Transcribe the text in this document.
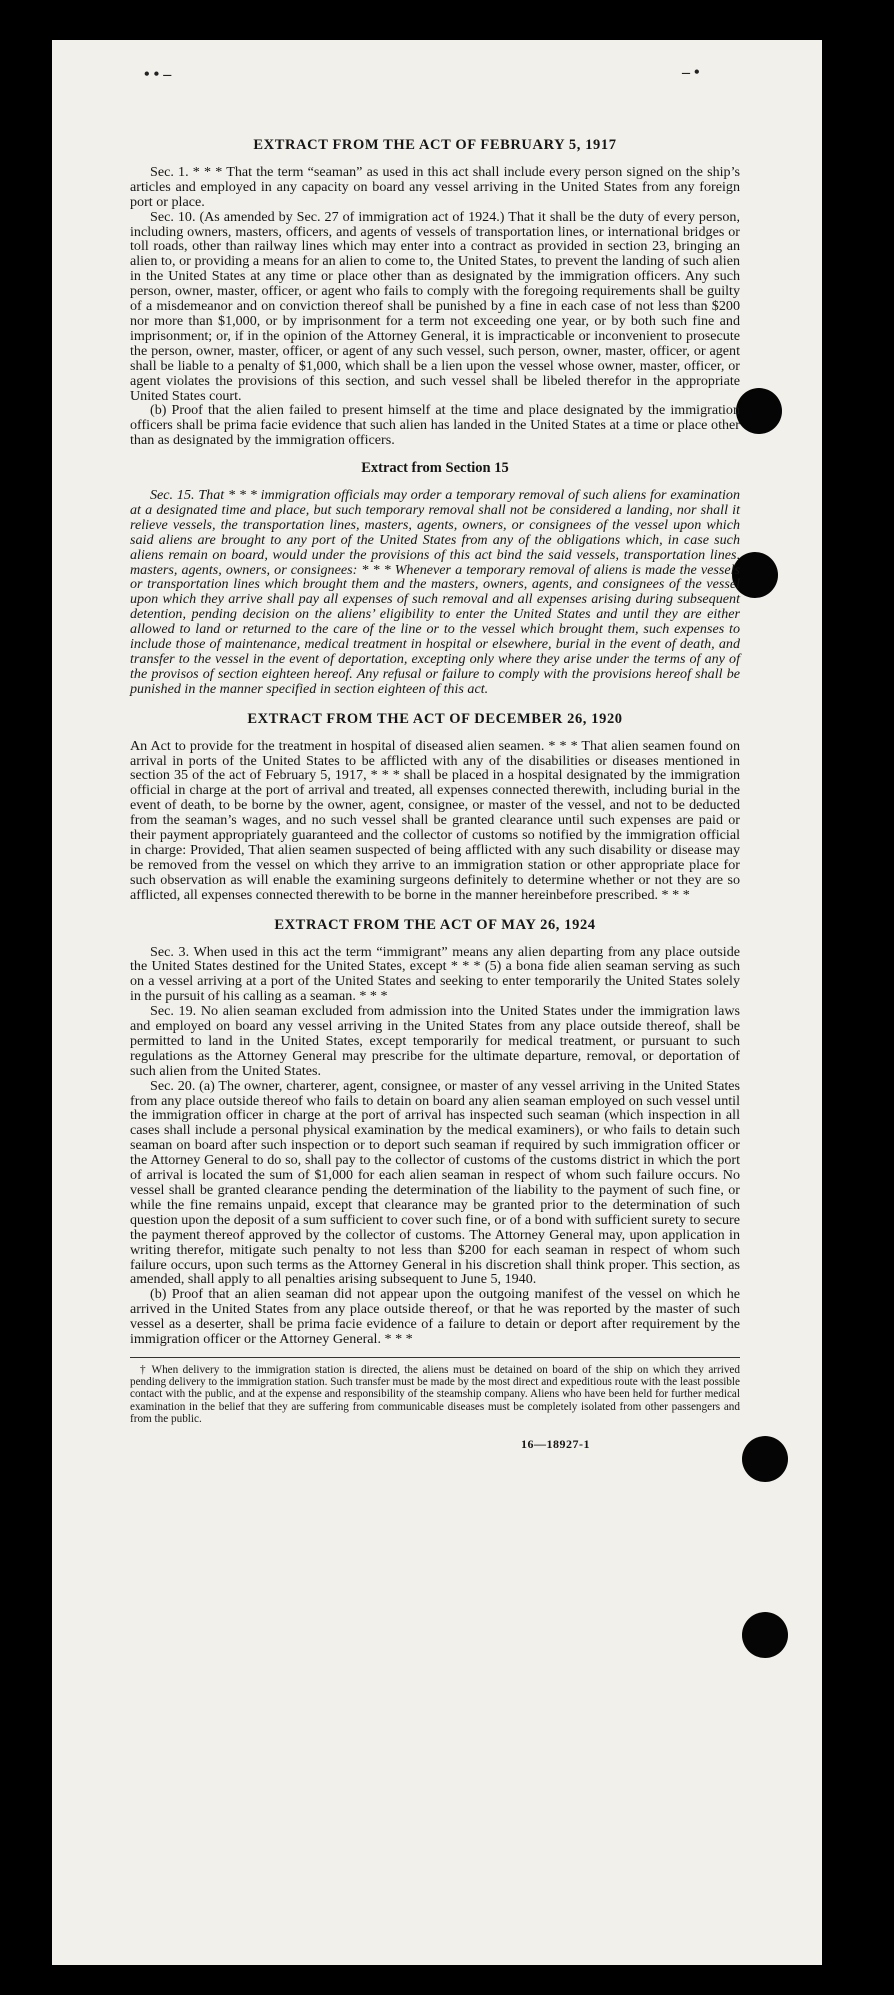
• • –	– •
EXTRACT FROM THE ACT OF FEBRUARY 5, 1917

Sec. 1. * * * That the term “seaman” as used in this act shall include every person signed on the ship’s articles and employed in any capacity on board any vessel arriving in the United States from any foreign port or place.

Sec. 10. (As amended by Sec. 27 of immigration act of 1924.) That it shall be the duty of every person, including owners, masters, officers, and agents of vessels of transportation lines, or international bridges or toll roads, other than railway lines which may enter into a contract as provided in section 23, bringing an alien to, or providing a means for an alien to come to, the United States, to prevent the landing of such alien in the United States at any time or place other than as designated by the immigration officers. Any such person, owner, master, officer, or agent who fails to comply with the foregoing requirements shall be guilty of a misdemeanor and on conviction thereof shall be punished by a fine in each case of not less than $200 nor more than $1,000, or by imprisonment for a term not exceeding one year, or by both such fine and imprisonment; or, if in the opinion of the Attorney General, it is impracticable or inconvenient to prosecute the person, owner, master, officer, or agent of any such vessel, such person, owner, master, officer, or agent shall be liable to a penalty of $1,000, which shall be a lien upon the vessel whose owner, master, officer, or agent violates the provisions of this section, and such vessel shall be libeled therefor in the appropriate United States court.

(b) Proof that the alien failed to present himself at the time and place designated by the immigration officers shall be prima facie evidence that such alien has landed in the United States at a time or place other than as designated by the immigration officers.

Extract from Section 15

Sec. 15. That * * * immigration officials may order a temporary removal of such aliens for examination at a designated time and place, but such temporary removal shall not be considered a landing, nor shall it relieve vessels, the transportation lines, masters, agents, owners, or consignees of the vessel upon which said aliens are brought to any port of the United States from any of the obligations which, in case such aliens remain on board, would under the provisions of this act bind the said vessels, transportation lines, masters, agents, owners, or consignees: * * * Whenever a temporary removal of aliens is made the vessels or transportation lines which brought them and the masters, owners, agents, and consignees of the vessel upon which they arrive shall pay all expenses of such removal and all expenses arising during subsequent detention, pending decision on the aliens’ eligibility to enter the United States and until they are either allowed to land or returned to the care of the line or to the vessel which brought them, such expenses to include those of maintenance, medical treatment in hospital or elsewhere, burial in the event of death, and transfer to the vessel in the event of deportation, excepting only where they arise under the terms of any of the provisos of section eighteen hereof. Any refusal or failure to comply with the provisions hereof shall be punished in the manner specified in section eighteen of this act.

EXTRACT FROM THE ACT OF DECEMBER 26, 1920

An Act to provide for the treatment in hospital of diseased alien seamen. * * * That alien seamen found on arrival in ports of the United States to be afflicted with any of the disabilities or diseases mentioned in section 35 of the act of February 5, 1917, * * * shall be placed in a hospital designated by the immigration official in charge at the port of arrival and treated, all expenses connected therewith, including burial in the event of death, to be borne by the owner, agent, consignee, or master of the vessel, and not to be deducted from the seaman’s wages, and no such vessel shall be granted clearance until such expenses are paid or their payment appropriately guaranteed and the collector of customs so notified by the immigration official in charge: Provided, That alien seamen suspected of being afflicted with any such disability or disease may be removed from the vessel on which they arrive to an immigration station or other appropriate place for such observation as will enable the examining surgeons definitely to determine whether or not they are so afflicted, all expenses connected therewith to be borne in the manner hereinbefore prescribed. * * *

EXTRACT FROM THE ACT OF MAY 26, 1924

Sec. 3. When used in this act the term “immigrant” means any alien departing from any place outside the United States destined for the United States, except * * * (5) a bona fide alien seaman serving as such on a vessel arriving at a port of the United States and seeking to enter temporarily the United States solely in the pursuit of his calling as a seaman. * * *

Sec. 19. No alien seaman excluded from admission into the United States under the immigration laws and employed on board any vessel arriving in the United States from any place outside thereof, shall be permitted to land in the United States, except temporarily for medical treatment, or pursuant to such regulations as the Attorney General may prescribe for the ultimate departure, removal, or deportation of such alien from the United States.

Sec. 20. (a) The owner, charterer, agent, consignee, or master of any vessel arriving in the United States from any place outside thereof who fails to detain on board any alien seaman employed on such vessel until the immigration officer in charge at the port of arrival has inspected such seaman (which inspection in all cases shall include a personal physical examination by the medical examiners), or who fails to detain such seaman on board after such inspection or to deport such seaman if required by such immigration officer or the Attorney General to do so, shall pay to the collector of customs of the customs district in which the port of arrival is located the sum of $1,000 for each alien seaman in respect of whom such failure occurs. No vessel shall be granted clearance pending the determination of the liability to the payment of such fine, or while the fine remains unpaid, except that clearance may be granted prior to the determination of such question upon the deposit of a sum sufficient to cover such fine, or of a bond with sufficient surety to secure the payment thereof approved by the collector of customs. The Attorney General may, upon application in writing therefor, mitigate such penalty to not less than $200 for each seaman in respect of whom such failure occurs, upon such terms as the Attorney General in his discretion shall think proper. This section, as amended, shall apply to all penalties arising subsequent to June 5, 1940.

(b) Proof that an alien seaman did not appear upon the outgoing manifest of the vessel on which he arrived in the United States from any place outside thereof, or that he was reported by the master of such vessel as a deserter, shall be prima facie evidence of a failure to detain or deport after requirement by the immigration officer or the Attorney General. * * *

† When delivery to the immigration station is directed, the aliens must be detained on board of the ship on which they arrived pending delivery to the immigration station. Such transfer must be made by the most direct and expeditious route with the least possible contact with the public, and at the expense and responsibility of the steamship company. Aliens who have been held for further medical examination in the belief that they are suffering from communicable diseases must be completely isolated from other passengers and from the public.

16—18927-1
